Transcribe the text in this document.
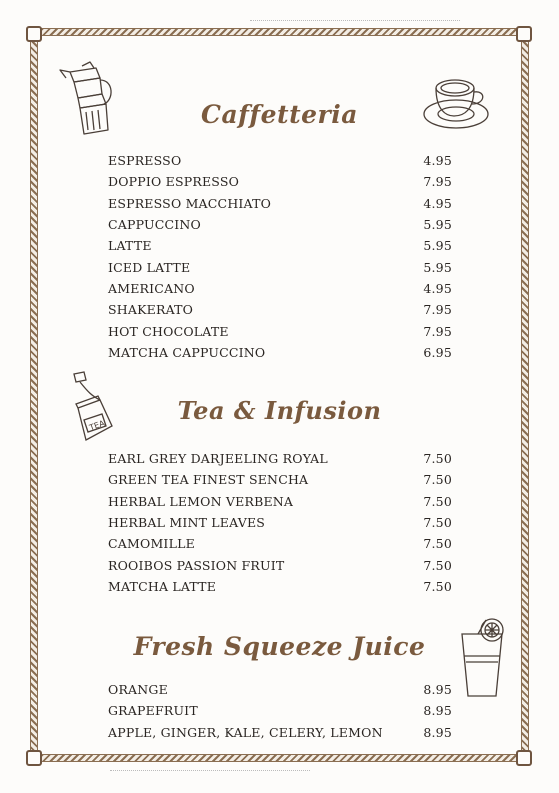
TEA
Caffetteria
Tea & Infusion
Fresh Squeeze Juice
ESPRESSO	4.95
DOPPIO ESPRESSO	7.95
ESPRESSO MACCHIATO	4.95
CAPPUCCINO	5.95
LATTE	5.95
ICED LATTE	5.95
AMERICANO	4.95
SHAKERATO	7.95
HOT CHOCOLATE	7.95
MATCHA CAPPUCCINO	6.95
EARL GREY DARJEELING ROYAL	7.50
GREEN TEA FINEST SENCHA	7.50
HERBAL LEMON VERBENA	7.50
HERBAL MINT LEAVES	7.50
CAMOMILLE	7.50
ROOIBOS PASSION FRUIT	7.50
MATCHA LATTE	7.50
ORANGE	8.95
GRAPEFRUIT	8.95
APPLE, GINGER, KALE, CELERY, LEMON	8.95
